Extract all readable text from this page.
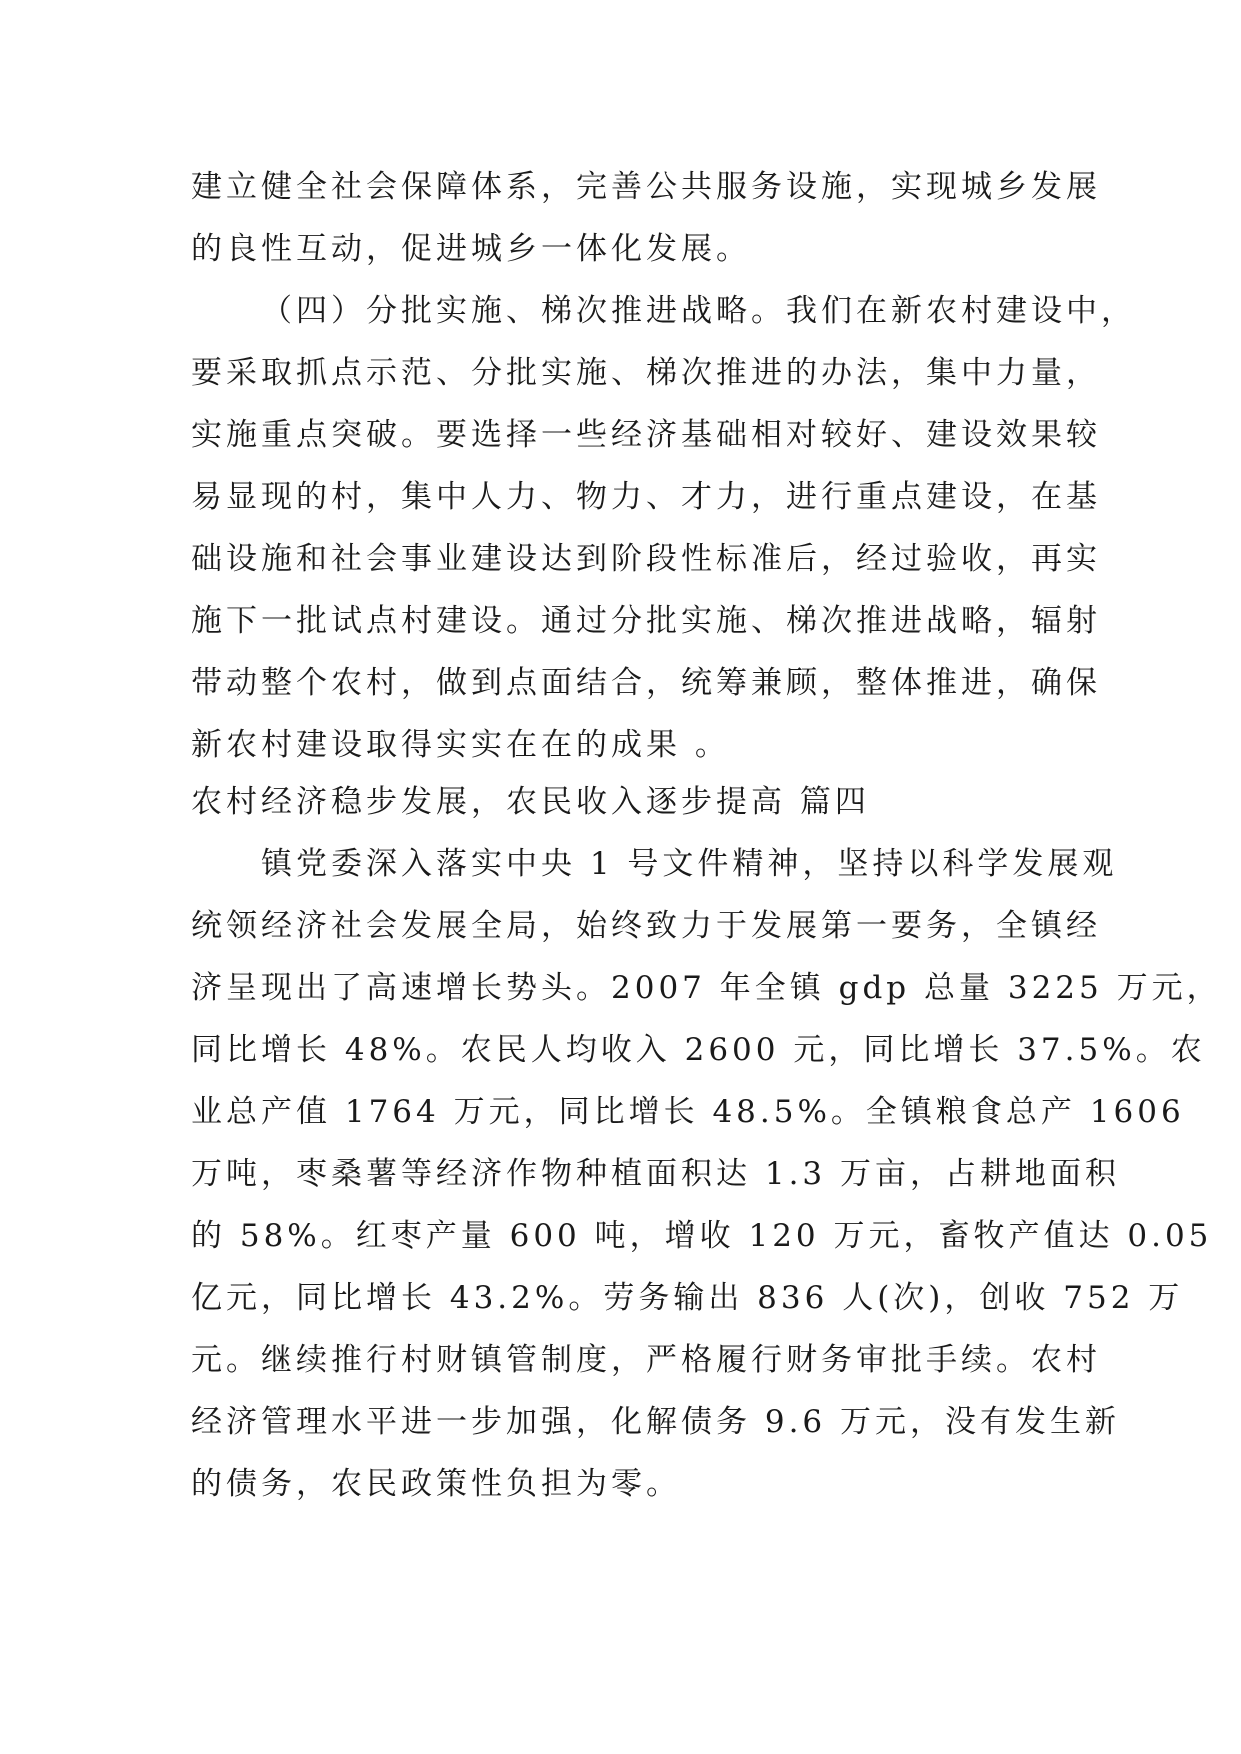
建立健全社会保障体系，完善公共服务设施，实现城乡发展
的良性互动，促进城乡一体化发展。
（四）分批实施、梯次推进战略。我们在新农村建设中，
要采取抓点示范、分批实施、梯次推进的办法，集中力量，
实施重点突破。要选择一些经济基础相对较好、建设效果较
易显现的村，集中人力、物力、才力，进行重点建设，在基
础设施和社会事业建设达到阶段性标准后，经过验收，再实
施下一批试点村建设。通过分批实施、梯次推进战略，辐射
带动整个农村，做到点面结合，统筹兼顾，整体推进，确保
新农村建设取得实实在在的成果 。
农村经济稳步发展，农民收入逐步提高 篇四
镇党委深入落实中央 1 号文件精神，坚持以科学发展观
统领经济社会发展全局，始终致力于发展第一要务，全镇经
济呈现出了高速增长势头。2007 年全镇 gdp 总量 3225 万元，
同比增长 48%。农民人均收入 2600 元，同比增长 37.5%。农
业总产值 1764 万元，同比增长 48.5%。全镇粮食总产 1606
万吨，枣桑薯等经济作物种植面积达 1.3 万亩，占耕地面积
的 58%。红枣产量 600 吨，增收 120 万元，畜牧产值达 0.05
亿元，同比增长 43.2%。劳务输出 836 人(次)，创收 752 万
元。继续推行村财镇管制度，严格履行财务审批手续。农村
经济管理水平进一步加强，化解债务 9.6 万元，没有发生新
的债务，农民政策性负担为零。
